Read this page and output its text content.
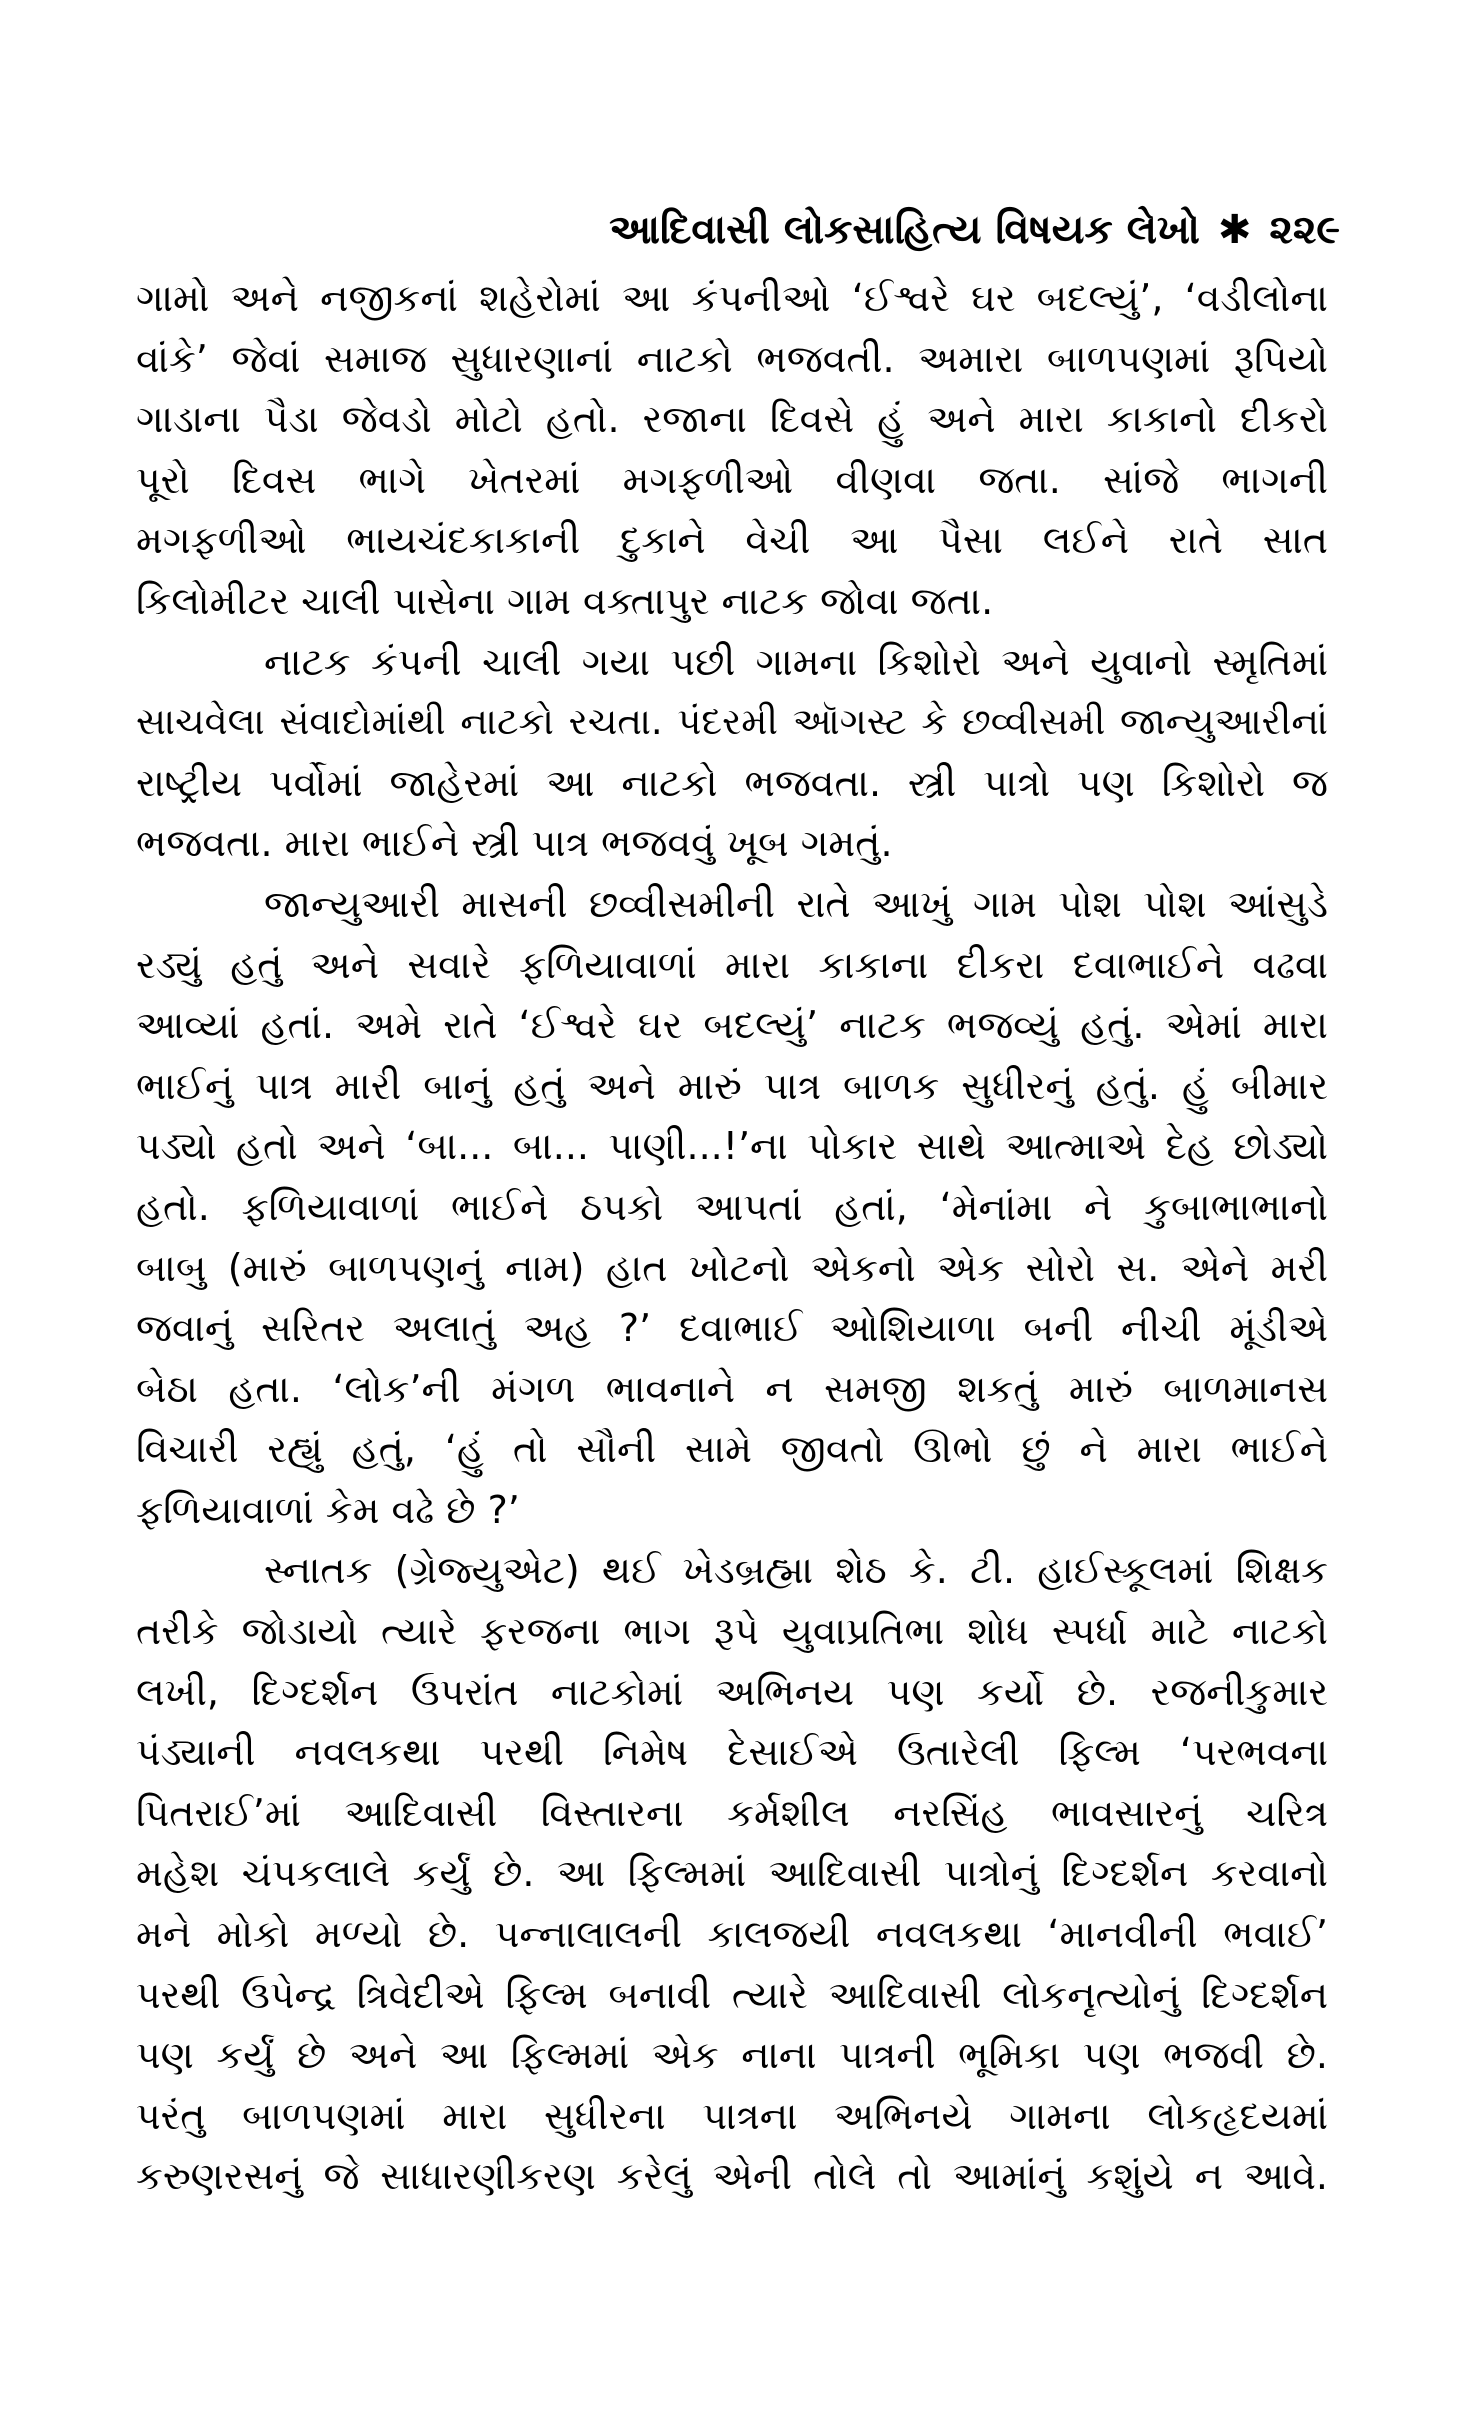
આદિવાસી લોકસાહિત્ય વિષયક લેખો ✱ ૨૨૯
ગામો અને નજીકનાં શહેરોમાં આ કંપનીઓ ‘ઈશ્વરે ઘર બદલ્યું’, ‘વડીલોના
વાંકે’ જેવાં સમાજ સુધારણાનાં નાટકો ભજવતી. અમારા બાળપણમાં રૂપિયો
ગાડાના પૈડા જેવડો મોટો હતો. રજાના દિવસે હું અને મારા કાકાનો દીકરો
પૂરો દિવસ ભાગે ખેતરમાં મગફળીઓ વીણવા જતા. સાંજે ભાગની
મગફળીઓ ભાયચંદકાકાની દુકાને વેચી આ પૈસા લઈને રાતે સાત
કિલોમીટર ચાલી પાસેના ગામ વક્તાપુર નાટક જોવા જતા.
નાટક કંપની ચાલી ગયા પછી ગામના કિશોરો અને યુવાનો સ્મૃતિમાં
સાચવેલા સંવાદોમાંથી નાટકો રચતા. પંદરમી ઑગસ્ટ કે છવ્વીસમી જાન્યુઆરીનાં
રાષ્ટ્રીય પર્વોમાં જાહેરમાં આ નાટકો ભજવતા. સ્ત્રી પાત્રો પણ કિશોરો જ
ભજવતા. મારા ભાઈને સ્ત્રી પાત્ર ભજવવું ખૂબ ગમતું.
જાન્યુઆરી માસની છવ્વીસમીની રાતે આખું ગામ પોશ પોશ આંસુડે
રડ્યું હતું અને સવારે ફળિયાવાળાં મારા કાકાના દીકરા દવાભાઈને વઢવા
આવ્યાં હતાં. અમે રાતે ‘ઈશ્વરે ઘર બદલ્યું’ નાટક ભજવ્યું હતું. એમાં મારા
ભાઈનું પાત્ર મારી બાનું હતું અને મારું પાત્ર બાળક સુધીરનું હતું. હું બીમાર
પડ્યો હતો અને ‘બા... બા... પાણી...!’ના પોકાર સાથે આત્માએ દેહ છોડ્યો
હતો. ફળિયાવાળાં ભાઈને ઠપકો આપતાં હતાં, ‘મેનાંમા ને કુબાભાભાનો
બાબુ (મારું બાળપણનું નામ) હાત ખોટનો એકનો એક સોરો સ. એને મરી
જવાનું સરિતર અલાતું અહ ?’ દવાભાઈ ઓશિયાળા બની નીચી મૂંડીએ
બેઠા હતા. ‘લોક’ની મંગળ ભાવનાને ન સમજી શકતું મારું બાળમાનસ
વિચારી રહ્યું હતું, ‘હું તો સૌની સામે જીવતો ઊભો છું ને મારા ભાઈને
ફળિયાવાળાં કેમ વઢે છે ?’
સ્નાતક (ગ્રેજ્યુએટ) થઈ ખેડબ્રહ્મા શેઠ કે. ટી. હાઈસ્કૂલમાં શિક્ષક
તરીકે જોડાયો ત્યારે ફરજના ભાગ રૂપે યુવાપ્રતિભા શોધ સ્પર્ધા માટે નાટકો
લખી, દિગ્દર્શન ઉપરાંત નાટકોમાં અભિનય પણ કર્યો છે. રજનીકુમાર
પંડ્યાની નવલકથા પરથી નિમેષ દેસાઈએ ઉતારેલી ફિલ્મ ‘પરભવના
પિતરાઈ’માં આદિવાસી વિસ્તારના કર્મશીલ નરસિંહ ભાવસારનું ચરિત્ર
મહેશ ચંપકલાલે કર્યું છે. આ ફિલ્મમાં આદિવાસી પાત્રોનું દિગ્દર્શન કરવાનો
મને મોકો મળ્યો છે. પન્નાલાલની કાલજયી નવલકથા ‘માનવીની ભવાઈ’
પરથી ઉપેન્દ્ર ત્રિવેદીએ ફિલ્મ બનાવી ત્યારે આદિવાસી લોકનૃત્યોનું દિગ્દર્શન
પણ કર્યું છે અને આ ફિલ્મમાં એક નાના પાત્રની ભૂમિકા પણ ભજવી છે.
પરંતુ બાળપણમાં મારા સુધીરના પાત્રના અભિનયે ગામના લોકહૃદયમાં
કરુણરસનું જે સાધારણીકરણ કરેલું એની તોલે તો આમાંનું કશુંયે ન આવે.
